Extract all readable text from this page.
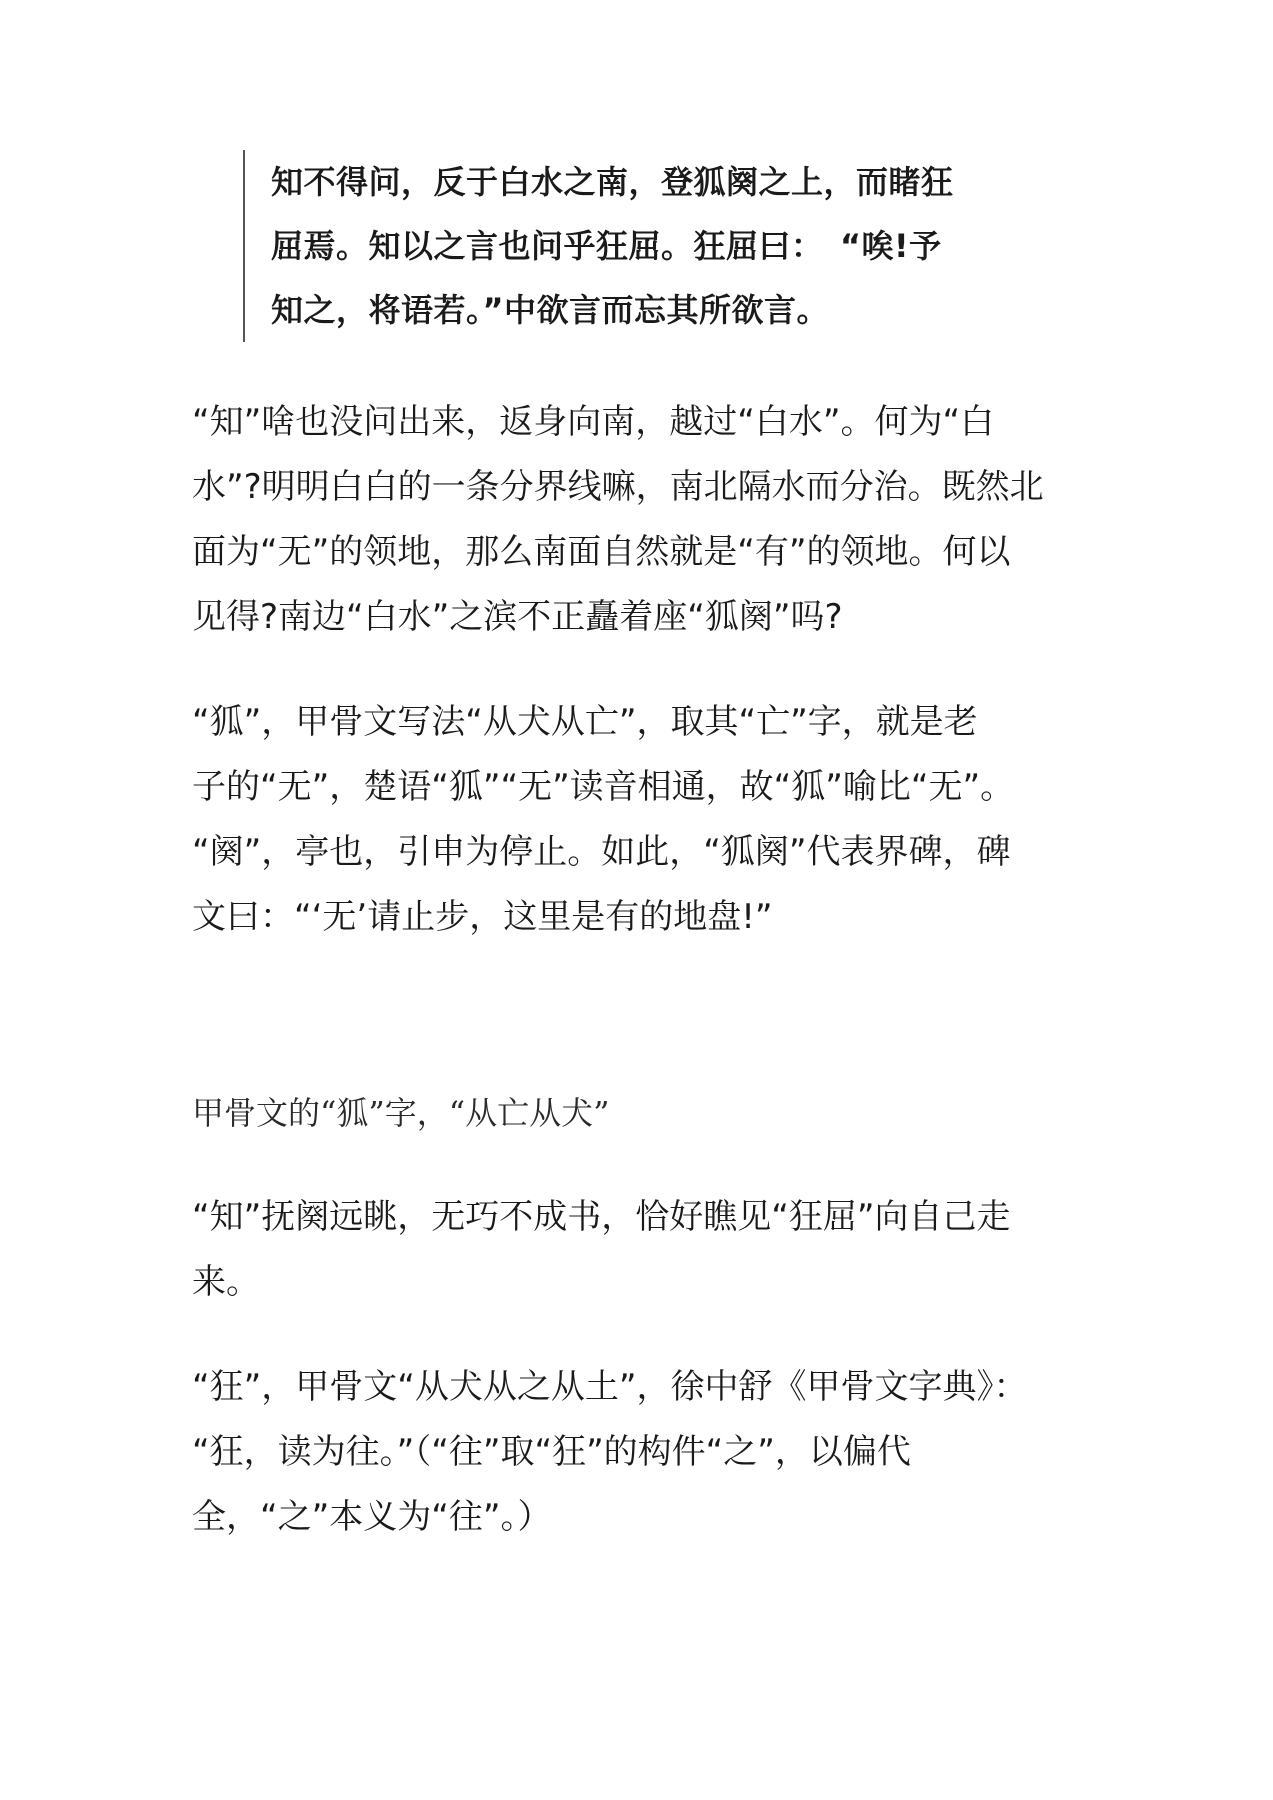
知不得问，反于白水之南，登狐阕之上，而睹狂

屈焉。知以之言也问乎狂屈。狂屈曰：　“唉!予

知之，将语若。”中欲言而忘其所欲言。

“知”啥也没问出来，返身向南，越过“白水”。何为“白
水”?明明白白的一条分界线嘛，南北隔水而分治。既然北
面为“无”的领地，那么南面自然就是“有”的领地。何以
见得?南边“白水”之滨不正矗着座“狐阕”吗?

“狐”，甲骨文写法“从犬从亡”，取其“亡”字，就是老
子的“无”，楚语“狐”“无”读音相通，故“狐”喻比“无”。
“阕”，亭也，引申为停止。如此，“狐阕”代表界碑，碑
文曰：“‘无’请止步，这里是有的地盘!”

甲骨文的“狐”字，“从亡从犬”

“知”抚阕远眺，无巧不成书，恰好瞧见“狂屈”向自己走
来。

“狂”，甲骨文“从犬从之从土”，徐中舒《甲骨文字典》：
“狂，读为往。”（“往”取“狂”的构件“之”，以偏代
全，“之”本义为“往”。）
